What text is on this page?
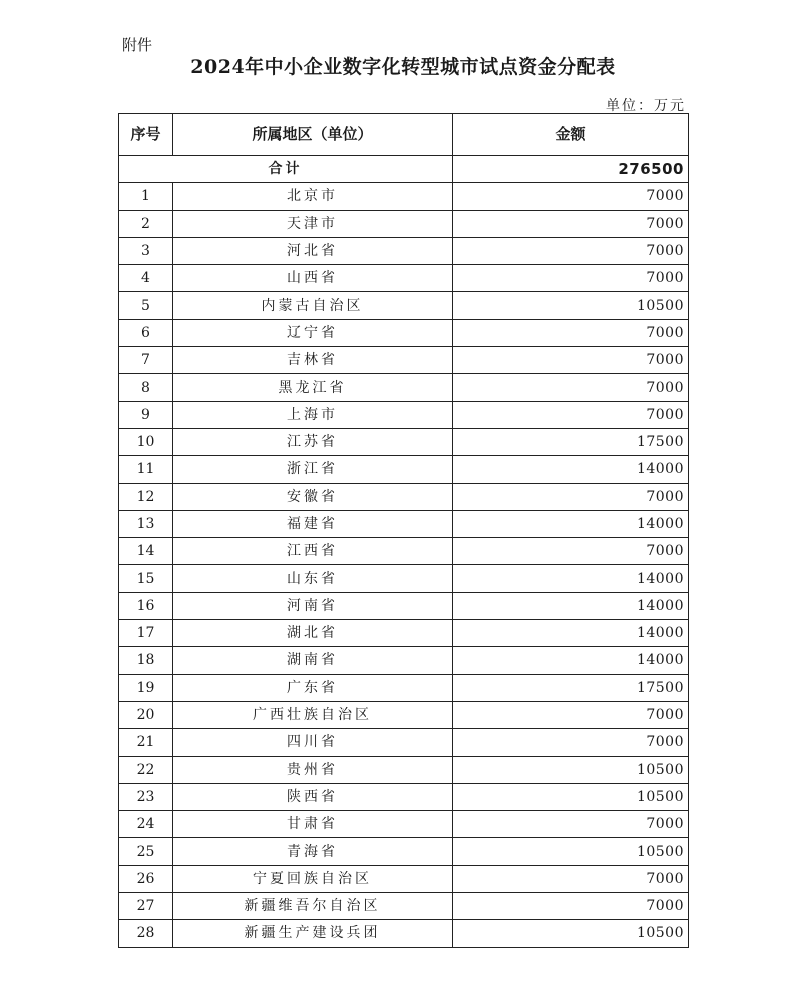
附件
2024年中小企业数字化转型城市试点资金分配表
单位：万元
序号	所属地区（单位）	金额
合计		276500
1	北京市	7000
2	天津市	7000
3	河北省	7000
4	山西省	7000
5	内蒙古自治区	10500
6	辽宁省	7000
7	吉林省	7000
8	黑龙江省	7000
9	上海市	7000
10	江苏省	17500
11	浙江省	14000
12	安徽省	7000
13	福建省	14000
14	江西省	7000
15	山东省	14000
16	河南省	14000
17	湖北省	14000
18	湖南省	14000
19	广东省	17500
20	广西壮族自治区	7000
21	四川省	7000
22	贵州省	10500
23	陕西省	10500
24	甘肃省	7000
25	青海省	10500
26	宁夏回族自治区	7000
27	新疆维吾尔自治区	7000
28	新疆生产建设兵团	10500
